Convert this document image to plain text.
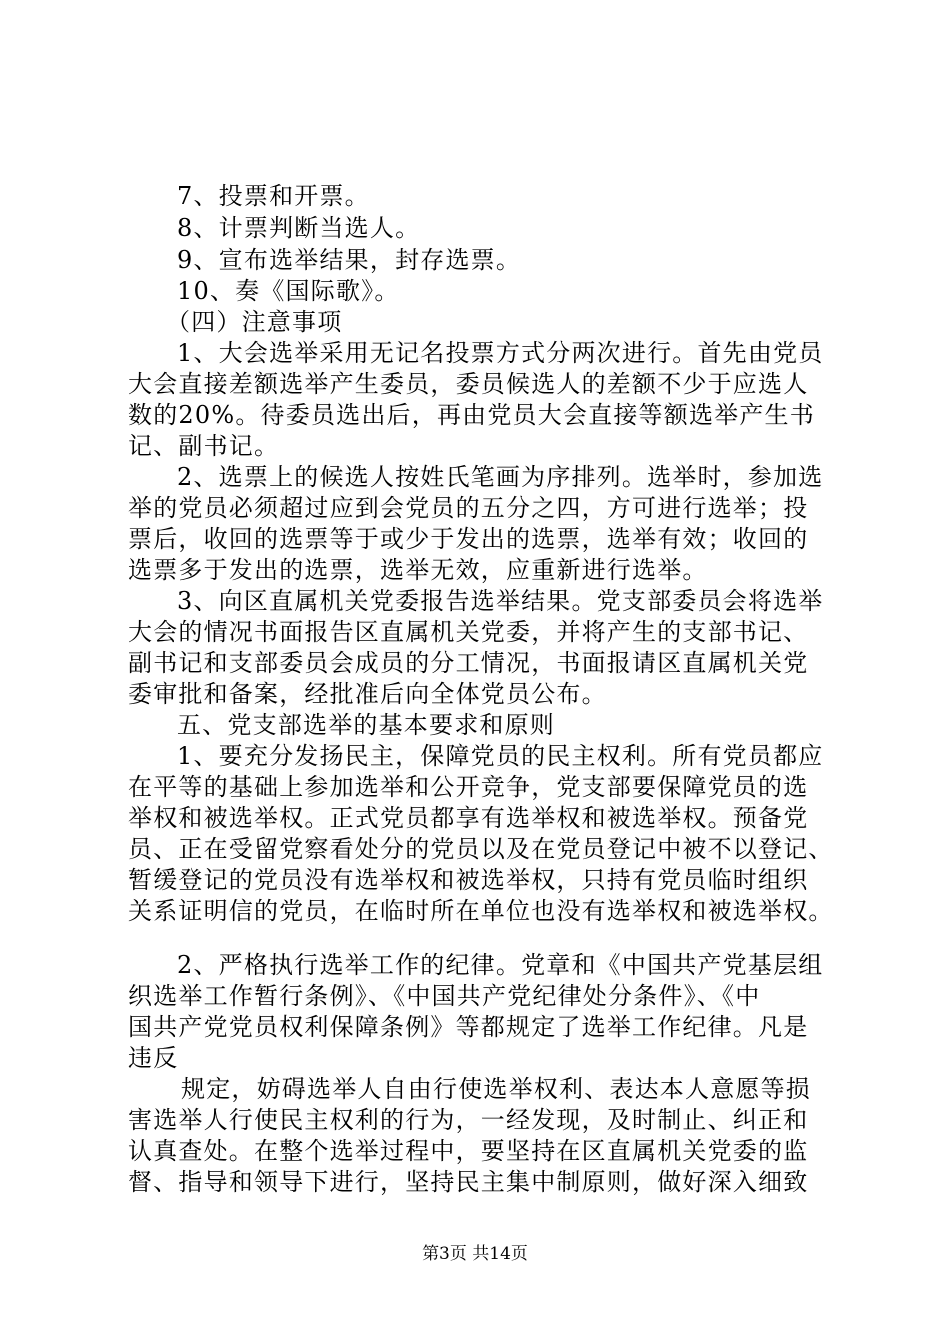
7、投票和开票。
8、计票判断当选人。
9、宣布选举结果，封存选票。
10、奏《国际歌》。
（四）注意事项
1、大会选举采用无记名投票方式分两次进行。首先由党员
大会直接差额选举产生委员，委员候选人的差额不少于应选人
数的20%。待委员选出后，再由党员大会直接等额选举产生书
记、副书记。
2、选票上的候选人按姓氏笔画为序排列。选举时，参加选
举的党员必须超过应到会党员的五分之四，方可进行选举；投
票后，收回的选票等于或少于发出的选票，选举有效；收回的
选票多于发出的选票，选举无效，应重新进行选举。
3、向区直属机关党委报告选举结果。党支部委员会将选举
大会的情况书面报告区直属机关党委，并将产生的支部书记、
副书记和支部委员会成员的分工情况，书面报请区直属机关党
委审批和备案，经批准后向全体党员公布。
五、党支部选举的基本要求和原则
1、要充分发扬民主，保障党员的民主权利。所有党员都应
在平等的基础上参加选举和公开竞争，党支部要保障党员的选
举权和被选举权。正式党员都享有选举权和被选举权。预备党
员、正在受留党察看处分的党员以及在党员登记中被不以登记、
暂缓登记的党员没有选举权和被选举权，只持有党员临时组织
关系证明信的党员，在临时所在单位也没有选举权和被选举权。
2、严格执行选举工作的纪律。党章和《中国共产党基层组
织选举工作暂行条例》、《中国共产党纪律处分条件》、《中
国共产党党员权利保障条例》等都规定了选举工作纪律。凡是
违反
规定，妨碍选举人自由行使选举权利、表达本人意愿等损
害选举人行使民主权利的行为，一经发现，及时制止、纠正和
认真查处。在整个选举过程中，要坚持在区直属机关党委的监
督、指导和领导下进行，坚持民主集中制原则，做好深入细致
第3页 共14页
